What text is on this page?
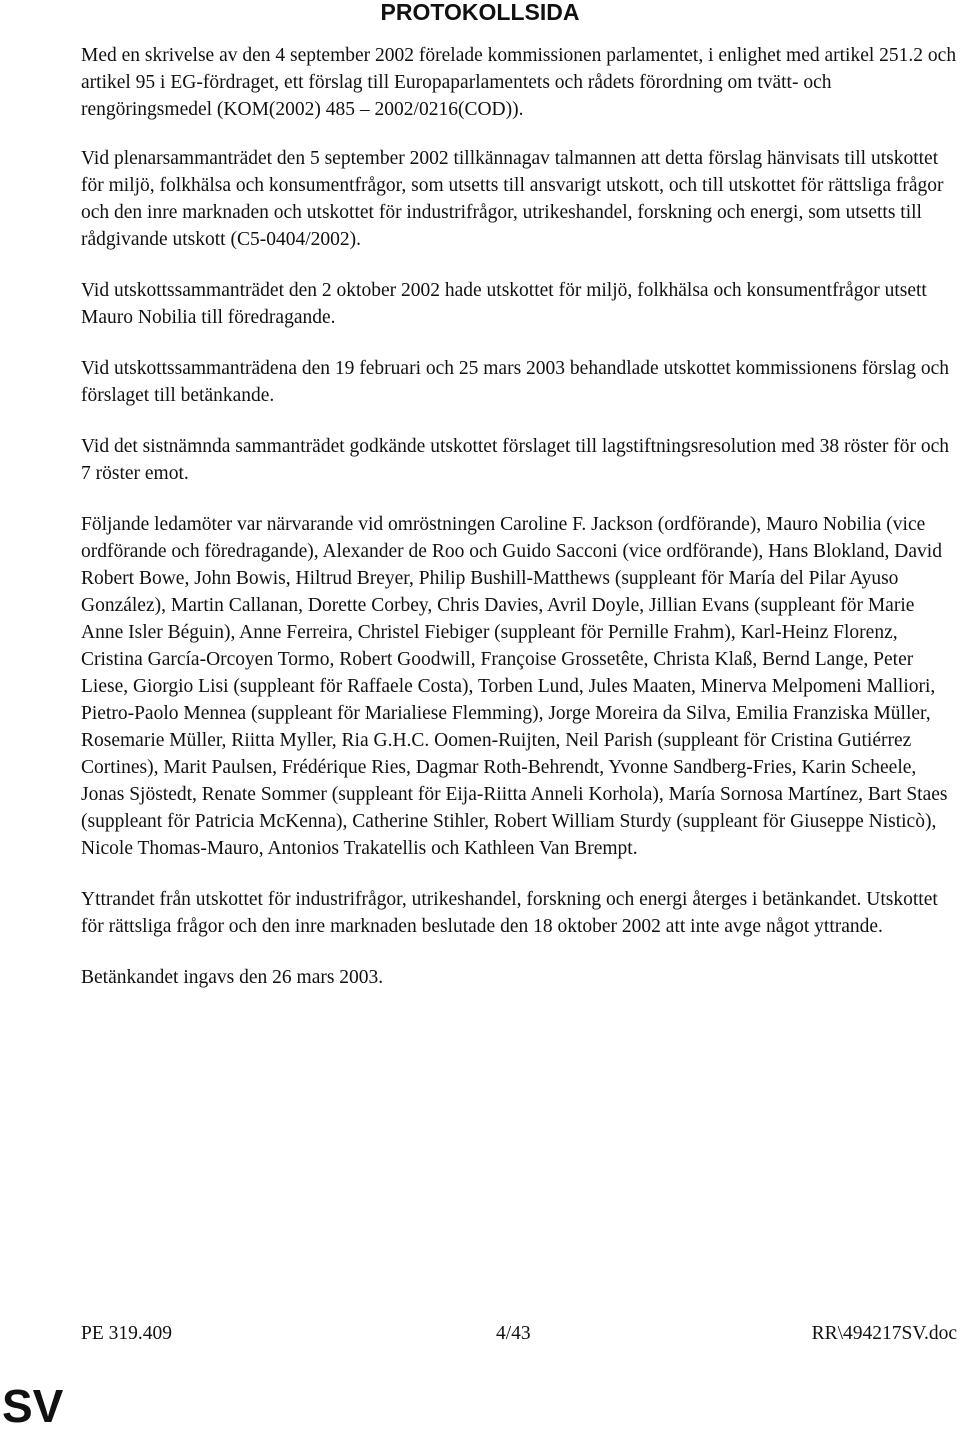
PROTOKOLLSIDA

Med en skrivelse av den 4 september 2002 förelade kommissionen parlamentet, i enlighet med artikel 251.2 och artikel 95 i EG-fördraget, ett förslag till Europaparlamentets och rådets förordning om tvätt- och rengöringsmedel (KOM(2002) 485 – 2002/0216(COD)).

Vid plenarsammanträdet den 5 september 2002 tillkännagav talmannen att detta förslag hänvisats till utskottet för miljö, folkhälsa och konsumentfrågor, som utsetts till ansvarigt utskott, och till utskottet för rättsliga frågor och den inre marknaden och utskottet för industrifrågor, utrikeshandel, forskning och energi, som utsetts till rådgivande utskott (C5-0404/2002).

Vid utskottssammanträdet den 2 oktober 2002 hade utskottet för miljö, folkhälsa och konsumentfrågor utsett Mauro Nobilia till föredragande.

Vid utskottssammanträdena den 19 februari och 25 mars 2003 behandlade utskottet kommissionens förslag och förslaget till betänkande.

Vid det sistnämnda sammanträdet godkände utskottet förslaget till lagstiftningsresolution med 38 röster för och 7 röster emot.

Följande ledamöter var närvarande vid omröstningen Caroline F. Jackson (ordförande), Mauro Nobilia (vice ordförande och föredragande), Alexander de Roo och Guido Sacconi (vice ordförande), Hans Blokland, David Robert Bowe, John Bowis, Hiltrud Breyer, Philip Bushill-Matthews (suppleant för María del Pilar Ayuso González), Martin Callanan, Dorette Corbey, Chris Davies, Avril Doyle, Jillian Evans (suppleant för Marie Anne Isler Béguin), Anne Ferreira, Christel Fiebiger (suppleant för Pernille Frahm), Karl-Heinz Florenz, Cristina García-Orcoyen Tormo, Robert Goodwill, Françoise Grossetête, Christa Klaß, Bernd Lange, Peter Liese, Giorgio Lisi (suppleant för Raffaele Costa), Torben Lund, Jules Maaten, Minerva Melpomeni Malliori, Pietro-Paolo Mennea (suppleant för Marialiese Flemming), Jorge Moreira da Silva, Emilia Franziska Müller, Rosemarie Müller, Riitta Myller, Ria G.H.C. Oomen-Ruijten, Neil Parish (suppleant för Cristina Gutiérrez Cortines), Marit Paulsen, Frédérique Ries, Dagmar Roth-Behrendt, Yvonne Sandberg-Fries, Karin Scheele, Jonas Sjöstedt, Renate Sommer (suppleant för Eija-Riitta Anneli Korhola), María Sornosa Martínez, Bart Staes (suppleant för Patricia McKenna), Catherine Stihler, Robert William Sturdy (suppleant för Giuseppe Nisticò), Nicole Thomas-Mauro, Antonios Trakatellis och Kathleen Van Brempt.

Yttrandet från utskottet för industrifrågor, utrikeshandel, forskning och energi återges i betänkandet. Utskottet för rättsliga frågor och den inre marknaden beslutade den 18 oktober 2002 att inte avge något yttrande.

Betänkandet ingavs den 26 mars 2003.

PE 319.409	4/43	RR\494217SV.doc
SV
